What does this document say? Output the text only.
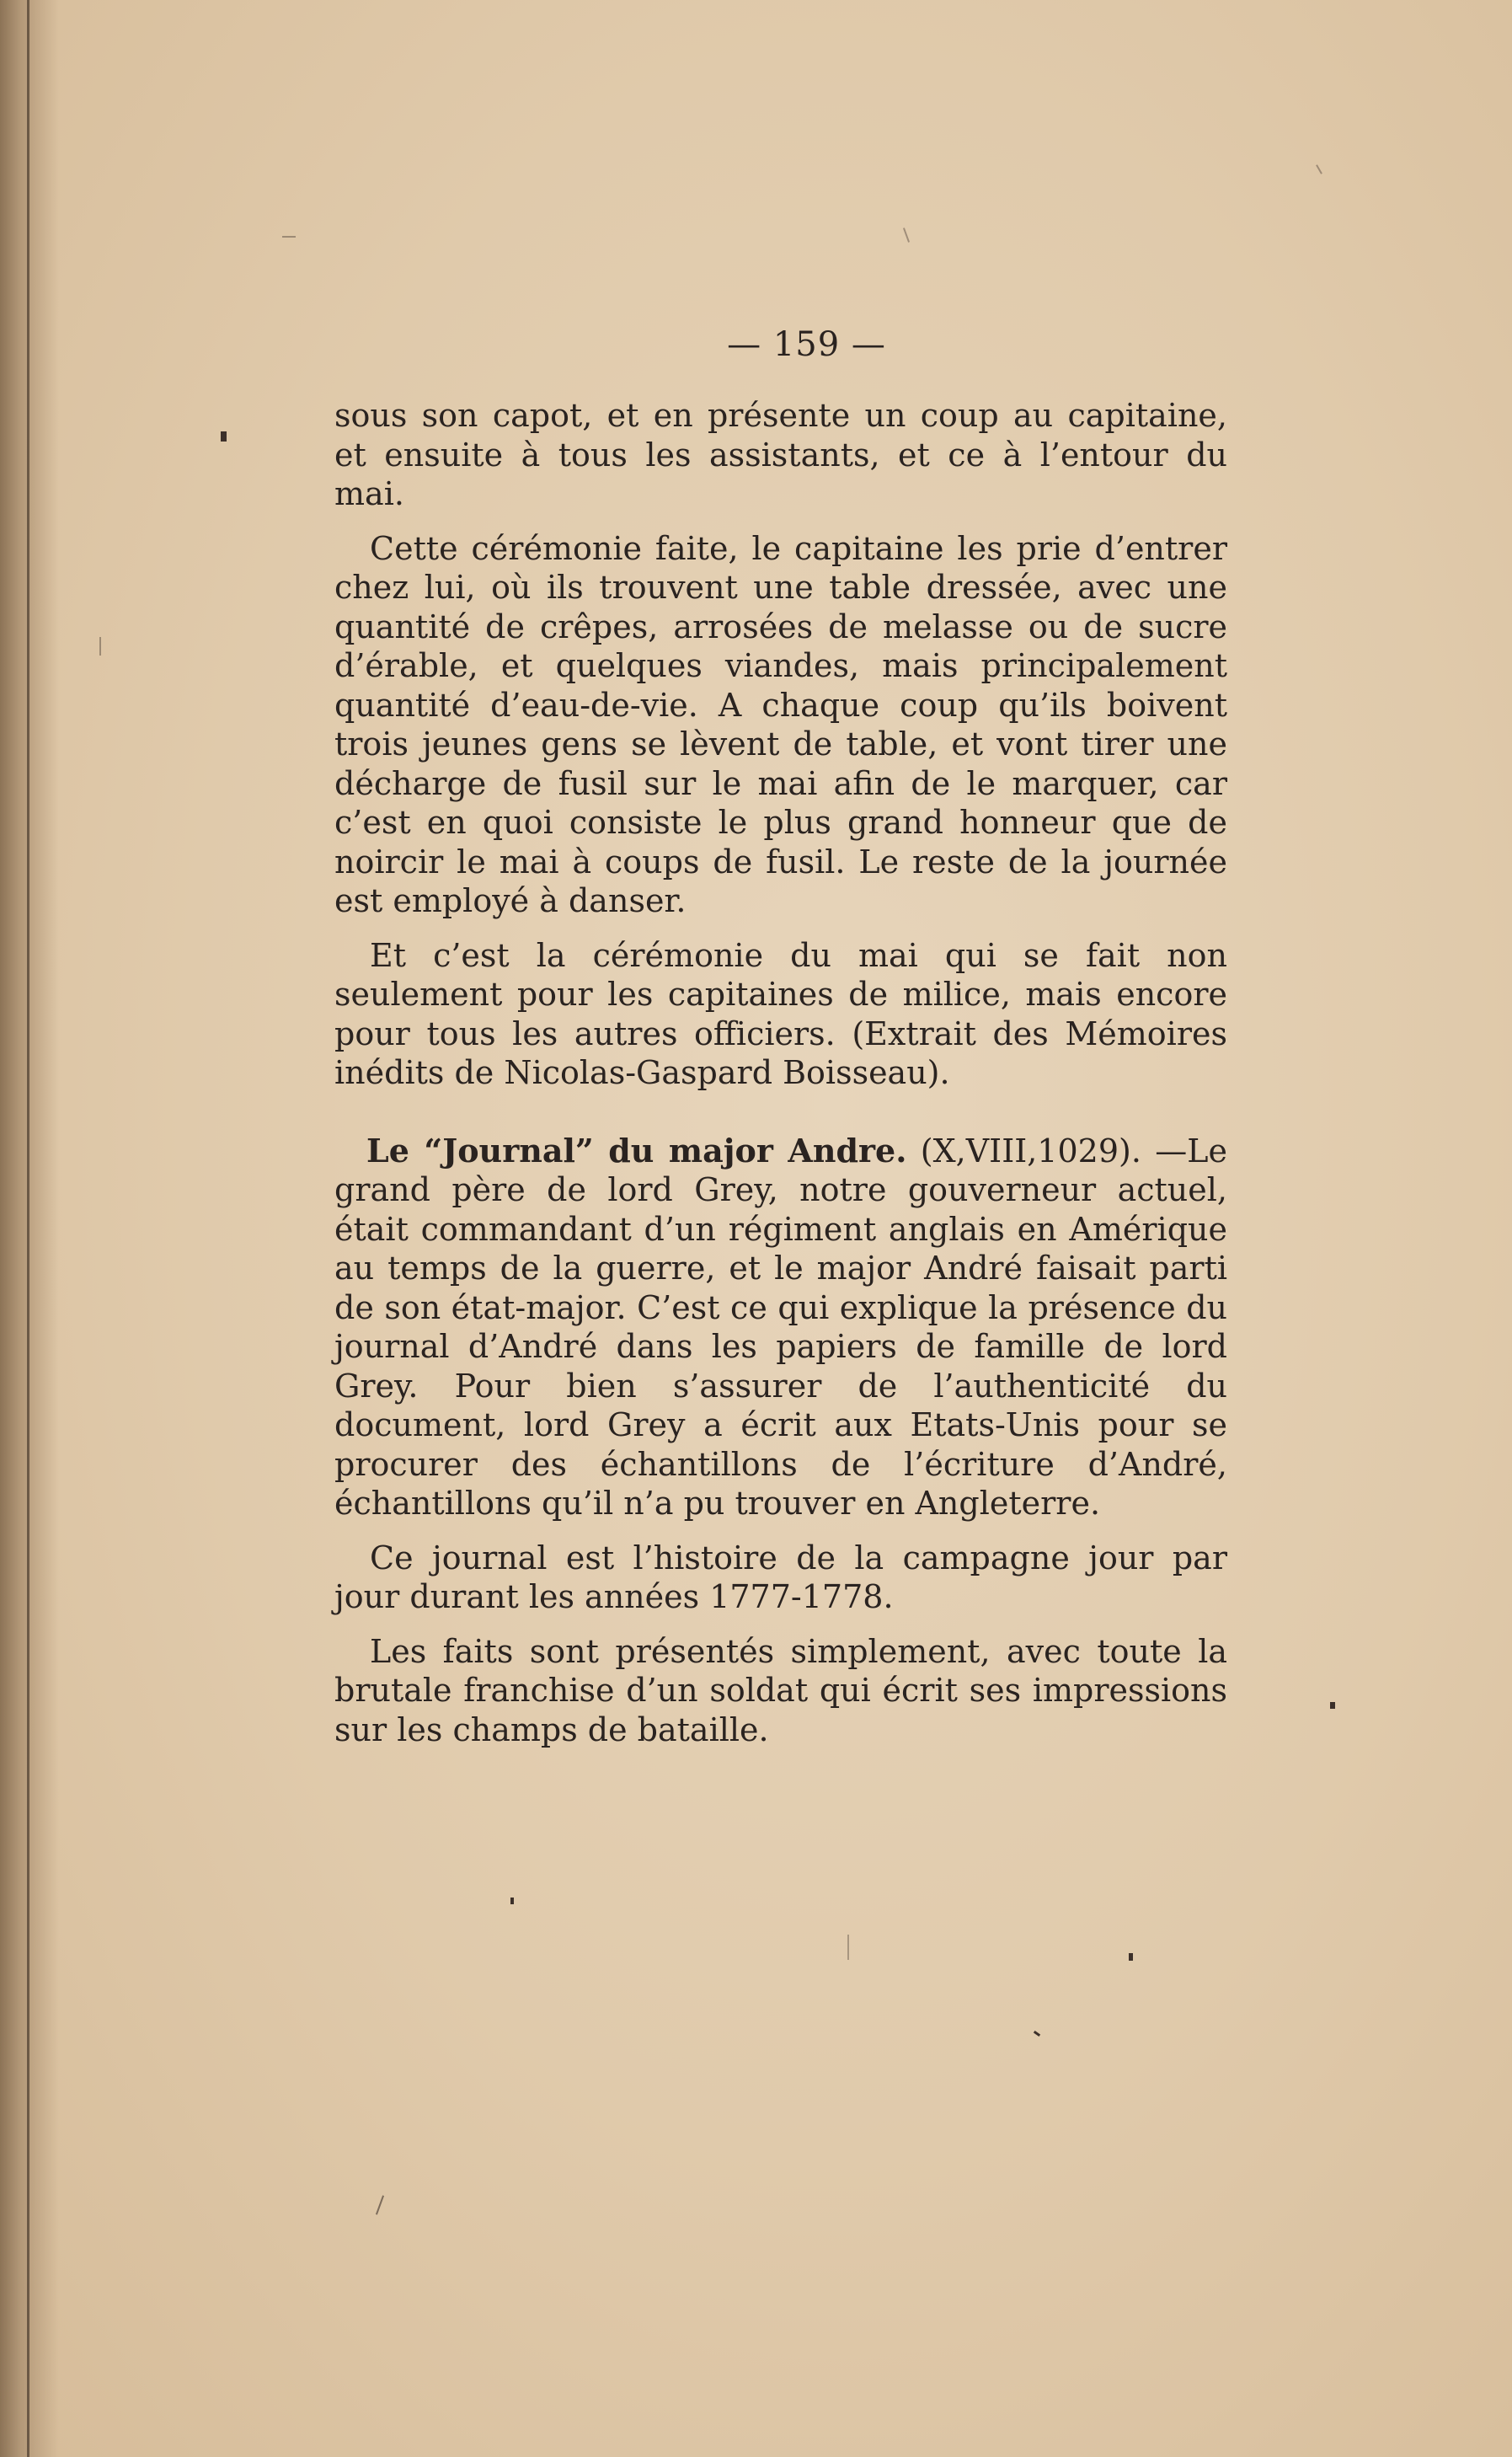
— 159 —

sous son capot, et en présente un coup au capitaine, et ensuite à tous les assistants, et ce à l’entour du mai.

Cette cérémonie faite, le capitaine les prie d’entrer chez lui, où ils trouvent une table dressée, avec une quantité de crêpes, arrosées de melasse ou de sucre d’érable, et quelques viandes, mais principalement quantité d’eau-de-vie. A chaque coup qu’ils boivent trois jeunes gens se lèvent de table, et vont tirer une décharge de fusil sur le mai afin de le marquer, car c’est en quoi consiste le plus grand honneur que de noircir le mai à coups de fusil. Le reste de la journée est employé à danser.

Et c’est la cérémonie du mai qui se fait non seulement pour les capitaines de milice, mais encore pour tous les autres officiers. (Extrait des Mémoires inédits de Nicolas-Gaspard Boisseau).

Le “Journal” du major Andre. (X,VIII,1029). —Le grand père de lord Grey, notre gouverneur actuel, était commandant d’un régiment anglais en Amérique au temps de la guerre, et le major André faisait parti de son état-major. C’est ce qui explique la présence du journal d’André dans les papiers de famille de lord Grey. Pour bien s’assurer de l’authenticité du document, lord Grey a écrit aux Etats-Unis pour se procurer des échantillons de l’écriture d’André, échantillons qu’il n’a pu trouver en Angleterre.

Ce journal est l’histoire de la campagne jour par jour durant les années 1777-1778.

Les faits sont présentés simplement, avec toute la brutale franchise d’un soldat qui écrit ses impressions sur les champs de bataille.
